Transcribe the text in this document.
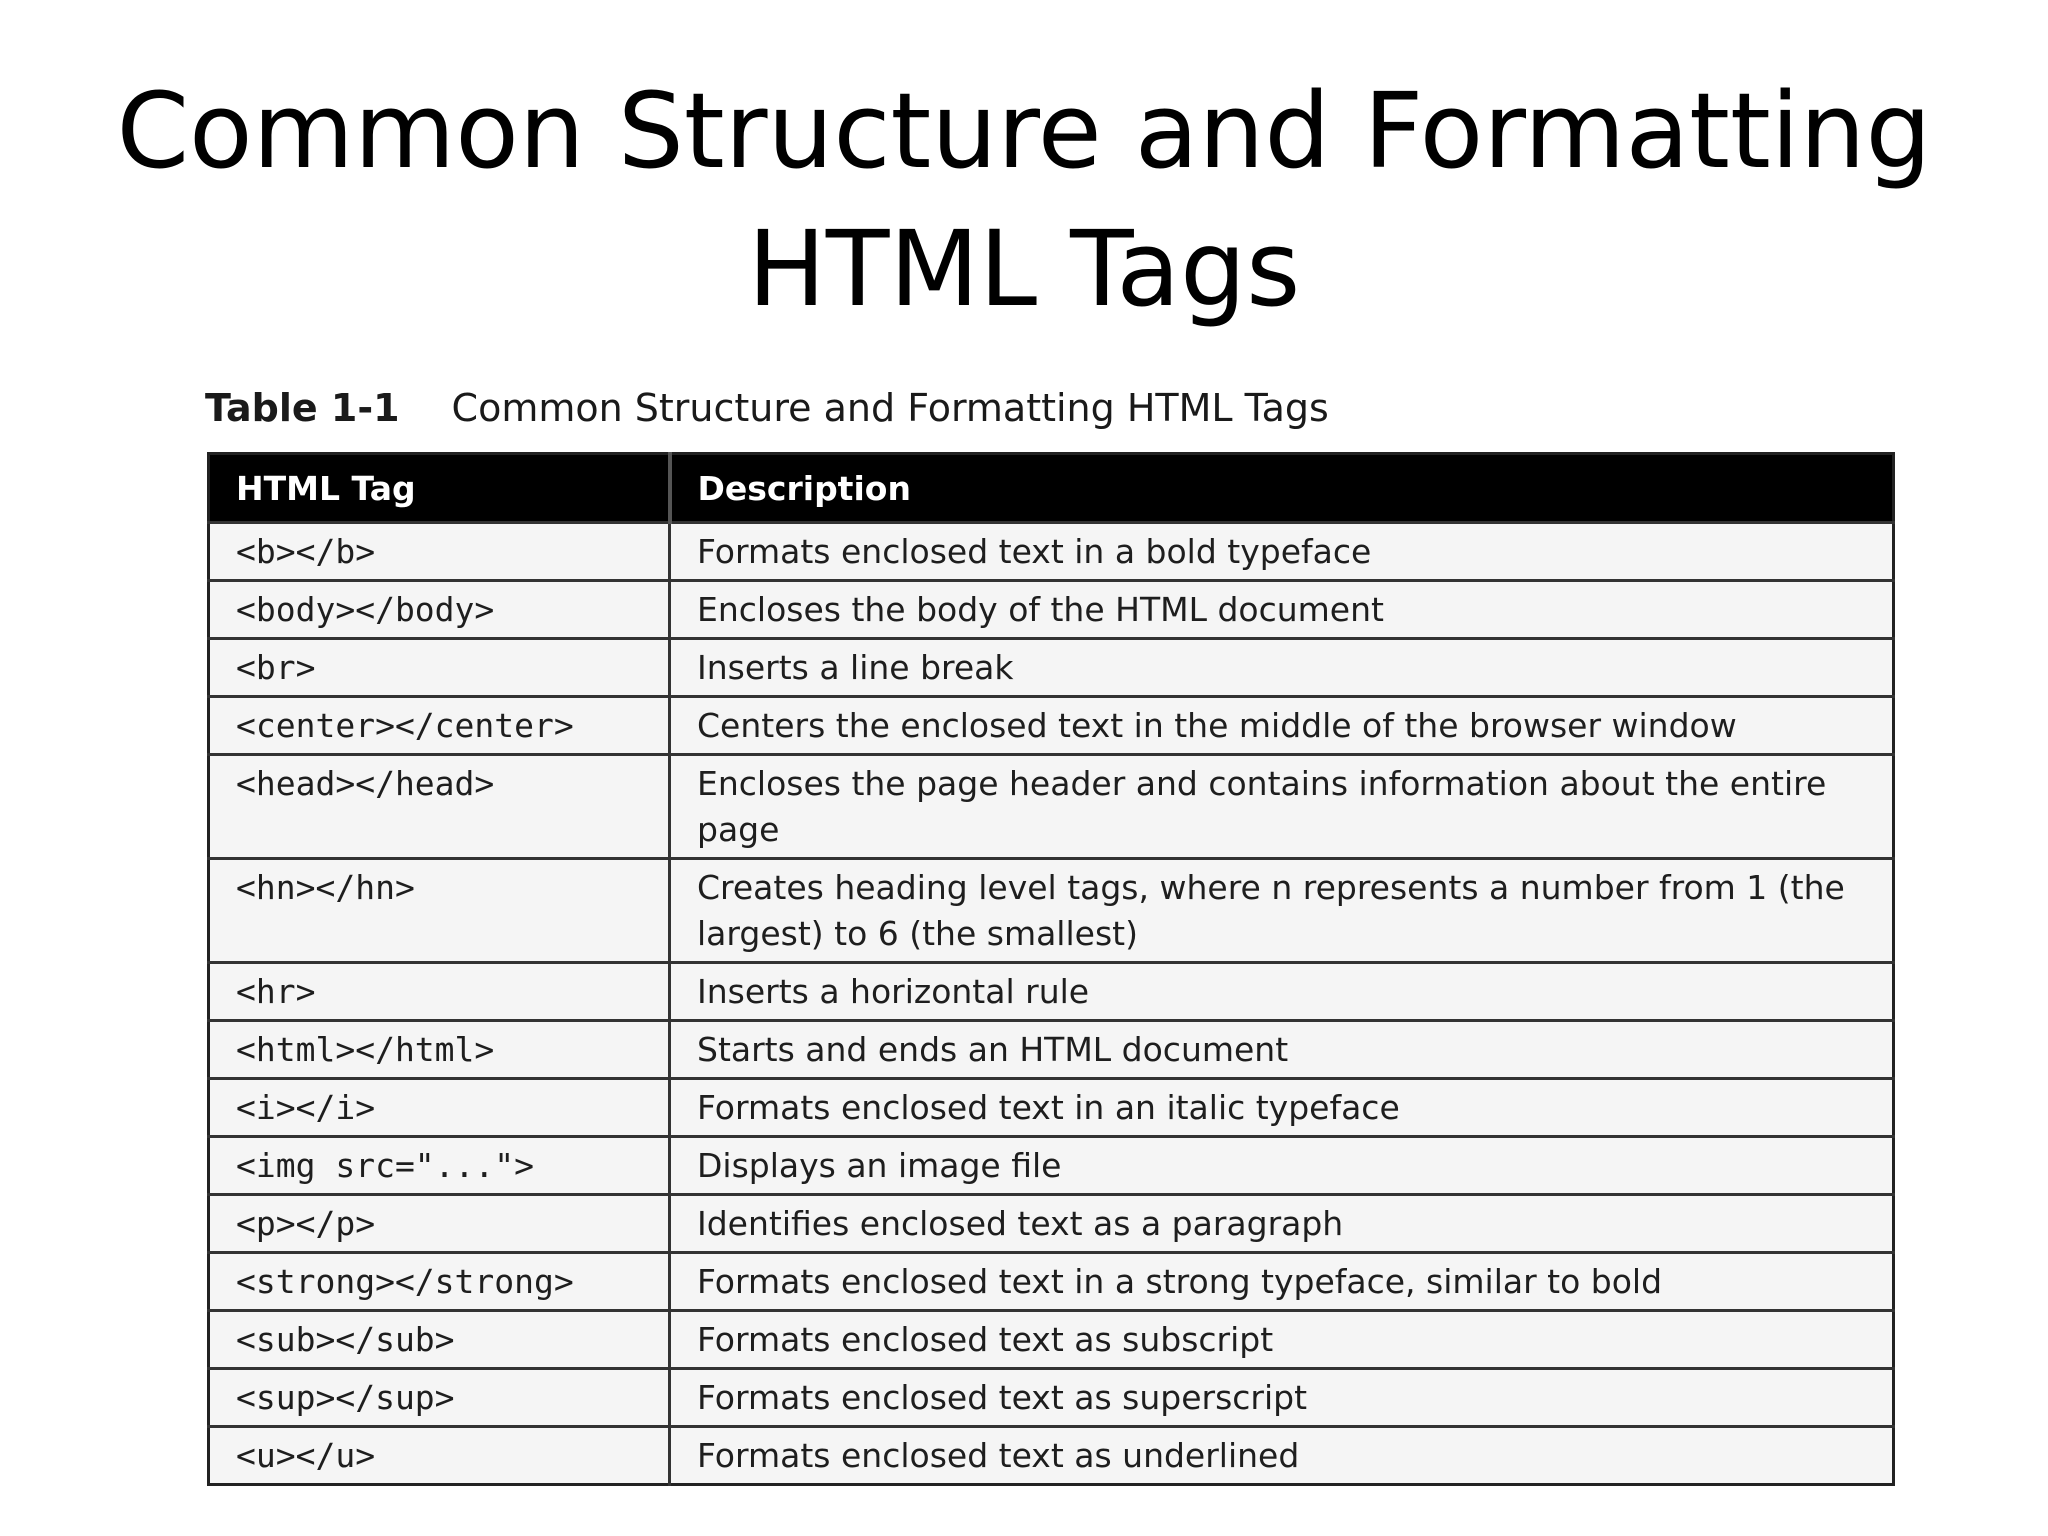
Common Structure and Formatting
HTML Tags
Table 1-1 Common Structure and Formatting HTML Tags
HTML Tag	Description
<b></b>	Formats enclosed text in a bold typeface
<body></body>	Encloses the body of the HTML document
<br>	Inserts a line break
<center></center>	Centers the enclosed text in the middle of the browser window
<head></head>	Encloses the page header and contains information about the entire page
<hn></hn>	Creates heading level tags, where n represents a number from 1 (the largest) to 6 (the smallest)
<hr>	Inserts a horizontal rule
<html></html>	Starts and ends an HTML document
<i></i>	Formats enclosed text in an italic typeface
<img src="...">	Displays an image file
<p></p>	Identifies enclosed text as a paragraph
<strong></strong>	Formats enclosed text in a strong typeface, similar to bold
<sub></sub>	Formats enclosed text as subscript
<sup></sup>	Formats enclosed text as superscript
<u></u>	Formats enclosed text as underlined
